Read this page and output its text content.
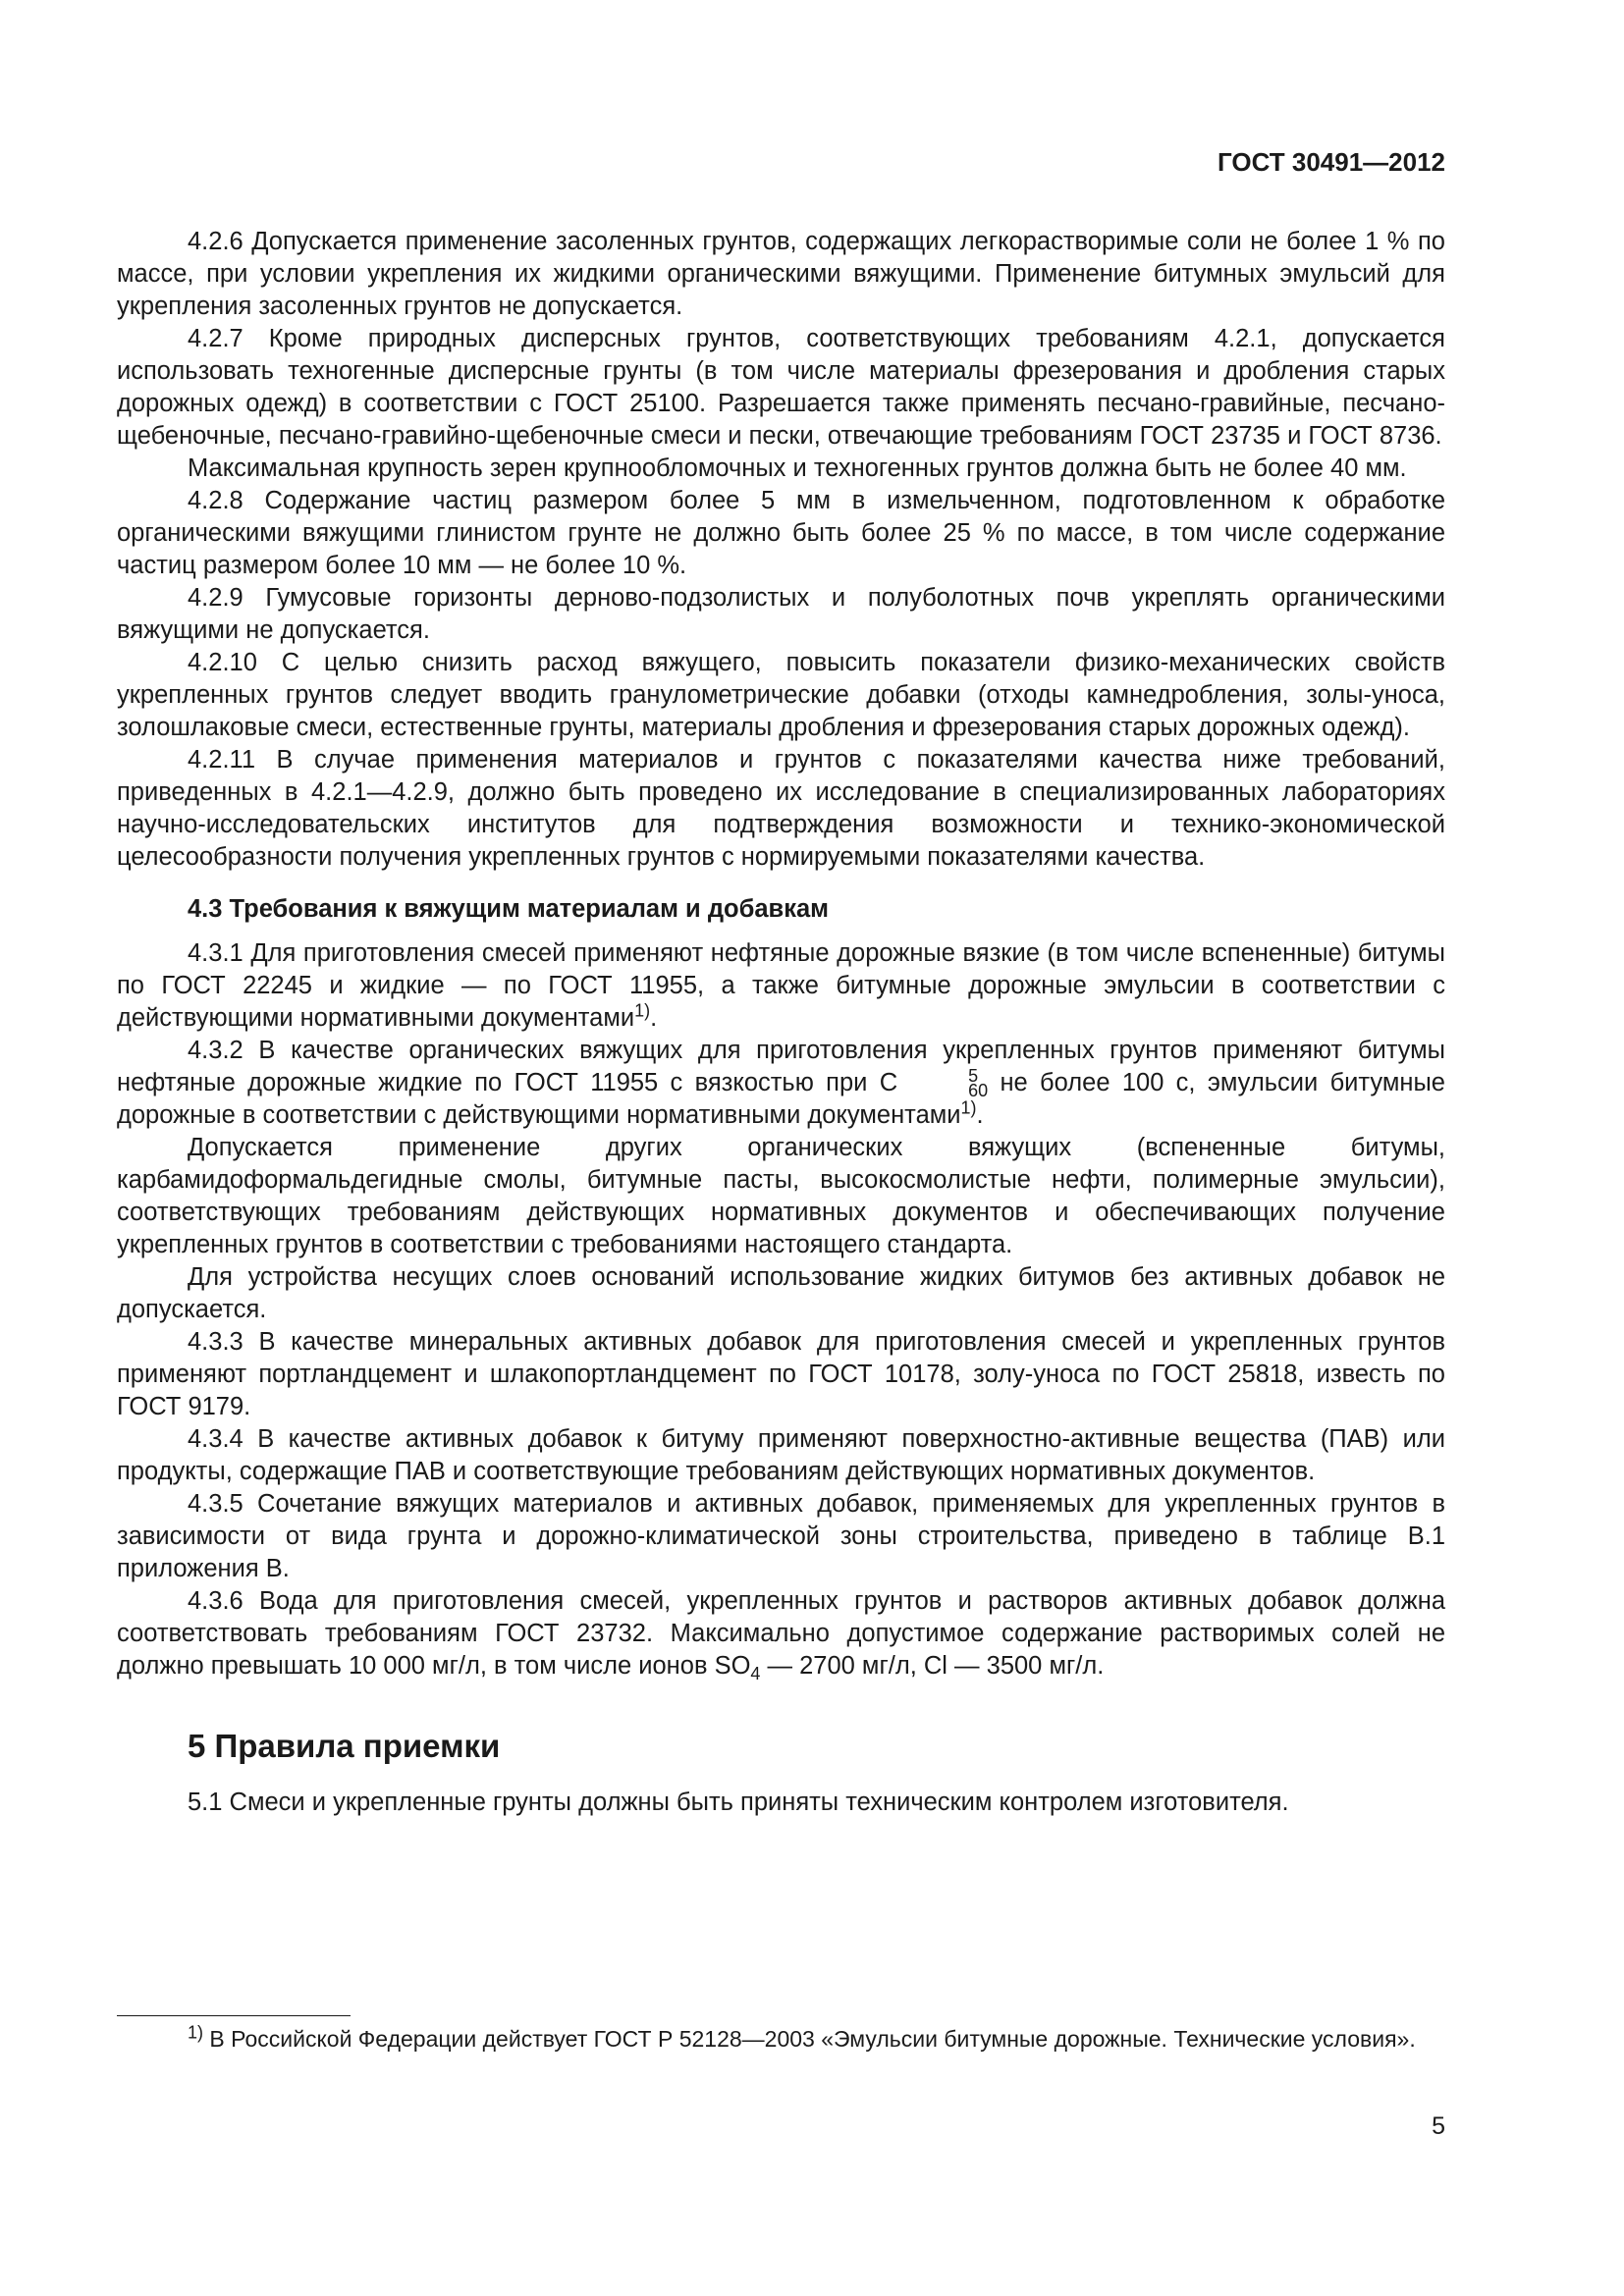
ГОСТ 30491—2012

4.2.6 Допускается применение засоленных грунтов, содержащих легкорастворимые соли не более 1 % по массе, при условии укрепления их жидкими органическими вяжущими. Применение битумных эмульсий для укрепления засоленных грунтов не допускается.

4.2.7 Кроме природных дисперсных грунтов, соответствующих требованиям 4.2.1, допускается использовать техногенные дисперсные грунты (в том числе материалы фрезерования и дробления старых дорожных одежд) в соответствии с ГОСТ 25100. Разрешается также применять песчано-гравийные, песчано-щебеночные, песчано-гравийно-щебеночные смеси и пески, отвечающие требованиям ГОСТ 23735 и ГОСТ 8736.

Максимальная крупность зерен крупнообломочных и техногенных грунтов должна быть не более 40 мм.

4.2.8 Содержание частиц размером более 5 мм в измельченном, подготовленном к обработке органическими вяжущими глинистом грунте не должно быть более 25 % по массе, в том числе содержание частиц размером более 10 мм — не более 10 %.

4.2.9 Гумусовые горизонты дерново-подзолистых и полуболотных почв укреплять органическими вяжущими не допускается.

4.2.10 С целью снизить расход вяжущего, повысить показатели физико-механических свойств укрепленных грунтов следует вводить гранулометрические добавки (отходы камнедробления, золы-уноса, золошлаковые смеси, естественные грунты, материалы дробления и фрезерования старых дорожных одежд).

4.2.11 В случае применения материалов и грунтов с показателями качества ниже требований, приведенных в 4.2.1—4.2.9, должно быть проведено их исследование в специализированных лабораториях научно-исследовательских институтов для подтверждения возможности и технико-экономической целесообразности получения укрепленных грунтов с нормируемыми показателями качества.

4.3 Требования к вяжущим материалам и добавкам

4.3.1 Для приготовления смесей применяют нефтяные дорожные вязкие (в том числе вспененные) битумы по ГОСТ 22245 и жидкие — по ГОСТ 11955, а также битумные дорожные эмульсии в соответствии с действующими нормативными документами$^{1)}$.

4.3.2 В качестве органических вяжущих для приготовления укрепленных грунтов применяют битумы нефтяные дорожные жидкие по ГОСТ 11955 с вязкостью при C	5
60 не более 100 с, эмульсии битумные дорожные в соответствии с действующими нормативными документами$^{1)}$.

Допускается применение других органических вяжущих (вспененные битумы, карбамидоформальдегидные смолы, битумные пасты, высокосмолистые нефти, полимерные эмульсии), соответствующих требованиям действующих нормативных документов и обеспечивающих получение укрепленных грунтов в соответствии с требованиями настоящего стандарта.

Для устройства несущих слоев оснований использование жидких битумов без активных добавок не допускается.

4.3.3 В качестве минеральных активных добавок для приготовления смесей и укрепленных грунтов применяют портландцемент и шлакопортландцемент по ГОСТ 10178, золу-уноса по ГОСТ 25818, известь по ГОСТ 9179.

4.3.4 В качестве активных добавок к битуму применяют поверхностно-активные вещества (ПАВ) или продукты, содержащие ПАВ и соответствующие требованиям действующих нормативных документов.

4.3.5 Сочетание вяжущих материалов и активных добавок, применяемых для укрепленных грунтов в зависимости от вида грунта и дорожно-климатической зоны строительства, приведено в таблице В.1 приложения В.

4.3.6 Вода для приготовления смесей, укрепленных грунтов и растворов активных добавок должна соответствовать требованиям ГОСТ 23732. Максимально допустимое содержание растворимых солей не должно превышать 10 000 мг/л, в том числе ионов $SO_4$ — 2700 мг/л, Cl — 3500 мг/л.

5 Правила приемки

5.1 Смеси и укрепленные грунты должны быть приняты техническим контролем изготовителя.

$^{1)}$ В Российской Федерации действует ГОСТ Р 52128—2003 «Эмульсии битумные дорожные. Технические условия».
5
